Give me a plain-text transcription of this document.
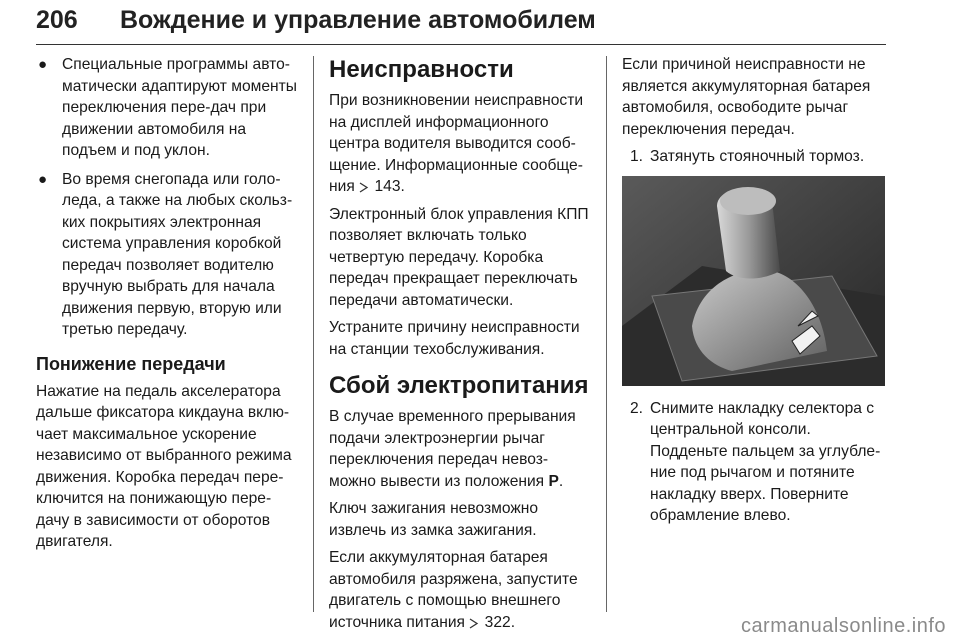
206 Вождение и управление автомобилем
● Специальные программы авто-матически адаптируют моменты переключения пере-дач при движении автомобиля на подъем и под уклон.
● Во время снегопада или голо-леда, а также на любых скольз-ких покрытиях электронная система управления коробкой передач позволяет водителю вручную выбрать для начала движения первую, вторую или третью передачу.
Понижение передачи

Нажатие на педаль акселератора дальше фиксатора кикдауна вклю-чает максимальное ускорение независимо от выбранного режима движения. Коробка передач пере-ключится на понижающую пере-дачу в зависимости от оборотов двигателя.

Неисправности

При возникновении неисправности на дисплей информационного центра водителя выводится сооб-щение. Информационные сообще-ния 143.

Электронный блок управления КПП позволяет включать только четвертую передачу. Коробка передач прекращает переключать передачи автоматически.

Устраните причину неисправности на станции техобслуживания.

Сбой электропитания

В случае временного прерывания подачи электроэнергии рычаг переключения передач невоз-можно вывести из положения P.

Ключ зажигания невозможно извлечь из замка зажигания.

Если аккумуляторная батарея автомобиля разряжена, запустите двигатель с помощью внешнего источника питания 322.

Если причиной неисправности не является аккумуляторная батарея автомобиля, освободите рычаг переключения передач.

1. Затянуть стояночный тормоз.
2. Снимите накладку селектора с центральной консоли. Подденьте пальцем за углубле-ние под рычагом и потяните накладку вверх. Поверните обрамление влево.
carmanualsonline.info
